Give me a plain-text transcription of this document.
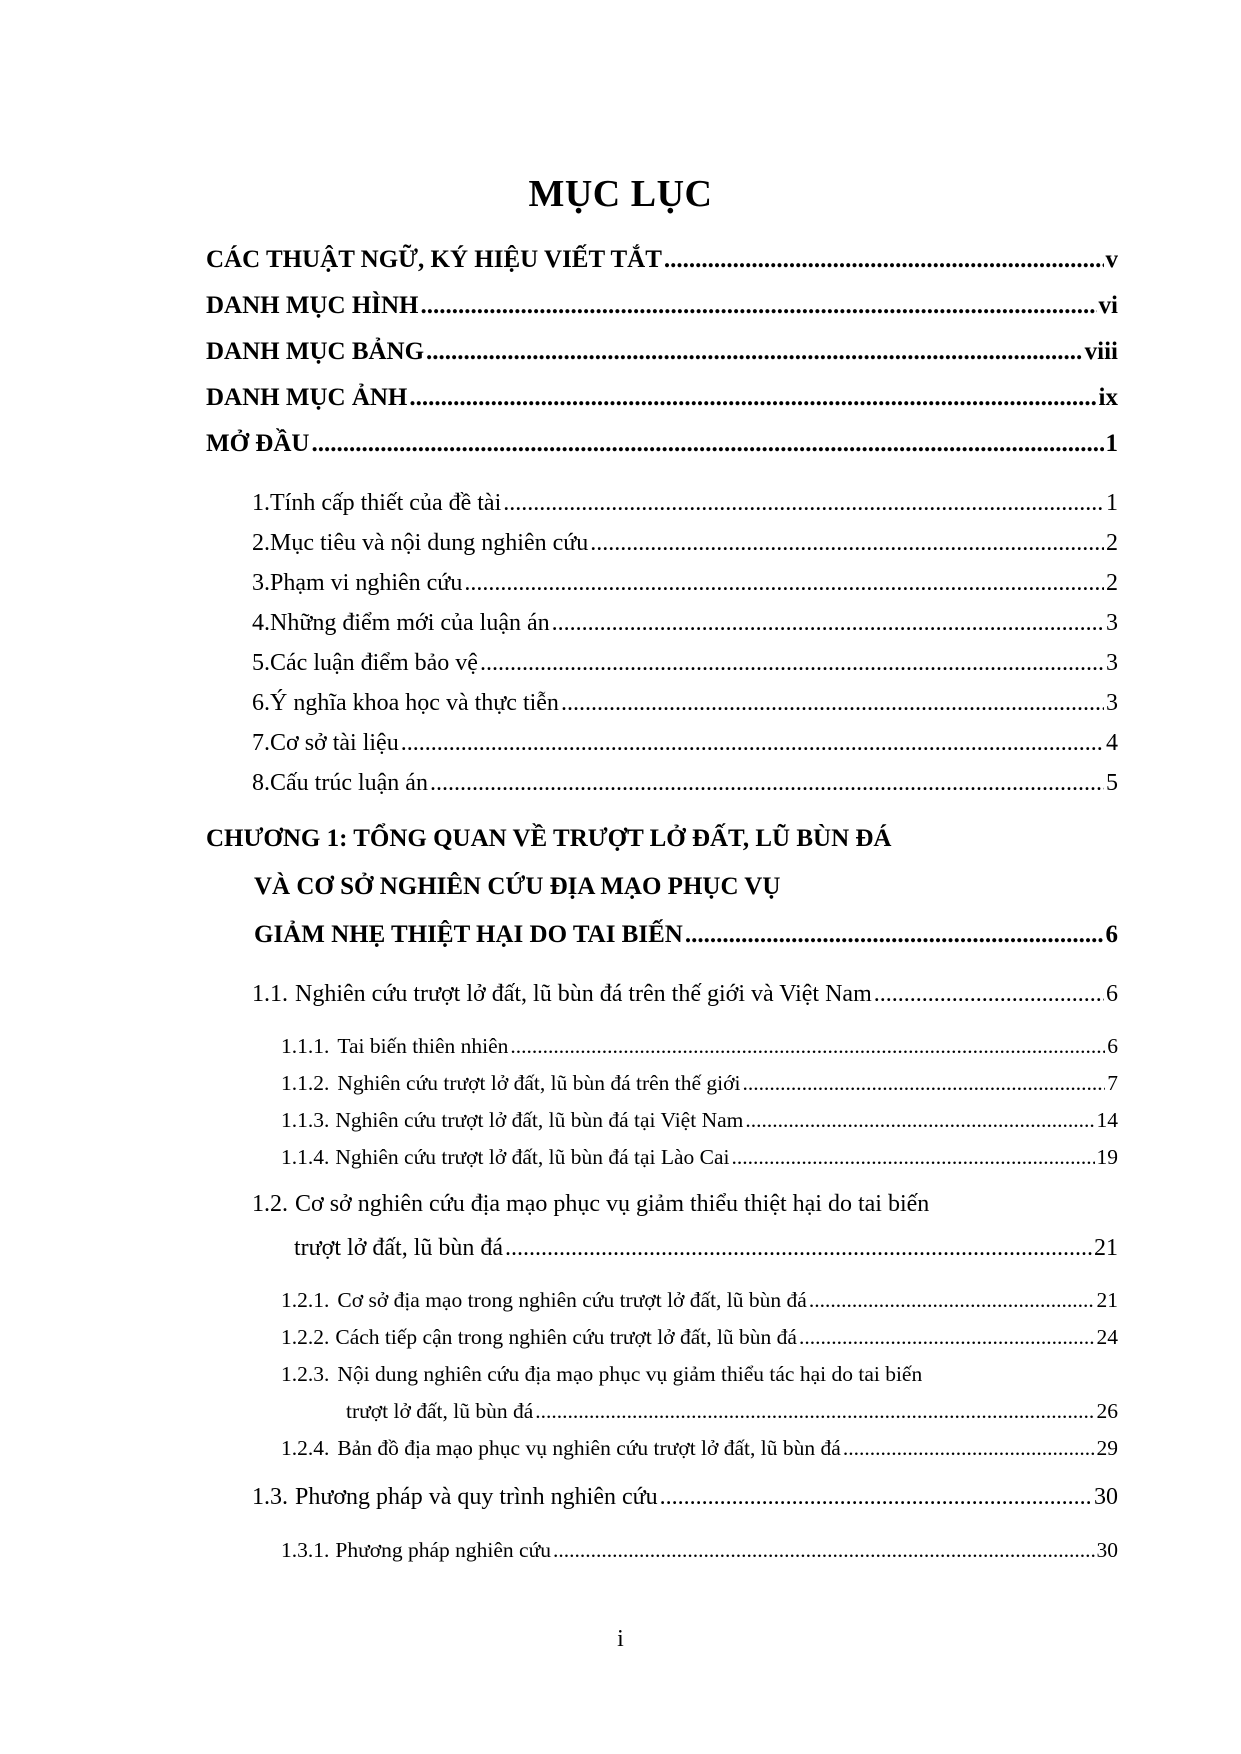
MỤC LỤC
CÁC THUẬT NGỮ, KÝ HIỆU VIẾT TẮT .....	v
DANH MỤC HÌNH .....	vi
DANH MỤC BẢNG .....	viii
DANH MỤC ẢNH .....	ix
MỞ ĐẦU .....	1
1. Tính cấp thiết của đề tài .....	1
2. Mục tiêu và nội dung nghiên cứu .....	2
3. Phạm vi nghiên cứu .....	2
4. Những điểm mới của luận án .....	3
5. Các luận điểm bảo vệ .....	3
6. Ý nghĩa khoa học và thực tiễn .....	3
7. Cơ sở tài liệu .....	4
8. Cấu trúc luận án .....	5
CHƯƠNG 1: TỔNG QUAN VỀ TRƯỢT LỞ ĐẤT, LŨ BÙN ĐÁ
VÀ CƠ SỞ NGHIÊN CỨU ĐỊA MẠO PHỤC VỤ
GIẢM NHẸ THIỆT HẠI DO TAI BIẾN .....	6
1.1. Nghiên cứu trượt lở đất, lũ bùn đá trên thế giới và Việt Nam .....	6
1.1.1. Tai biến thiên nhiên .....	6
1.1.2. Nghiên cứu trượt lở đất, lũ bùn đá trên thế giới .....	7
1.1.3. Nghiên cứu trượt lở đất, lũ bùn đá tại Việt Nam .....	14
1.1.4. Nghiên cứu trượt lở đất, lũ bùn đá tại Lào Cai .....	19
1.2. Cơ sở nghiên cứu địa mạo phục vụ giảm thiểu thiệt hại do tai biến
trượt lở đất, lũ bùn đá .....	21
1.2.1. Cơ sở địa mạo trong nghiên cứu trượt lở đất, lũ bùn đá .....	21
1.2.2. Cách tiếp cận trong nghiên cứu trượt lở đất, lũ bùn đá .....	24
1.2.3. Nội dung nghiên cứu địa mạo phục vụ giảm thiểu tác hại do tai biến
trượt lở đất, lũ bùn đá .....	26
1.2.4. Bản đồ địa mạo phục vụ nghiên cứu trượt lở đất, lũ bùn đá .....	29
1.3. Phương pháp và quy trình nghiên cứu .....	30
1.3.1. Phương pháp nghiên cứu .....	30
i
